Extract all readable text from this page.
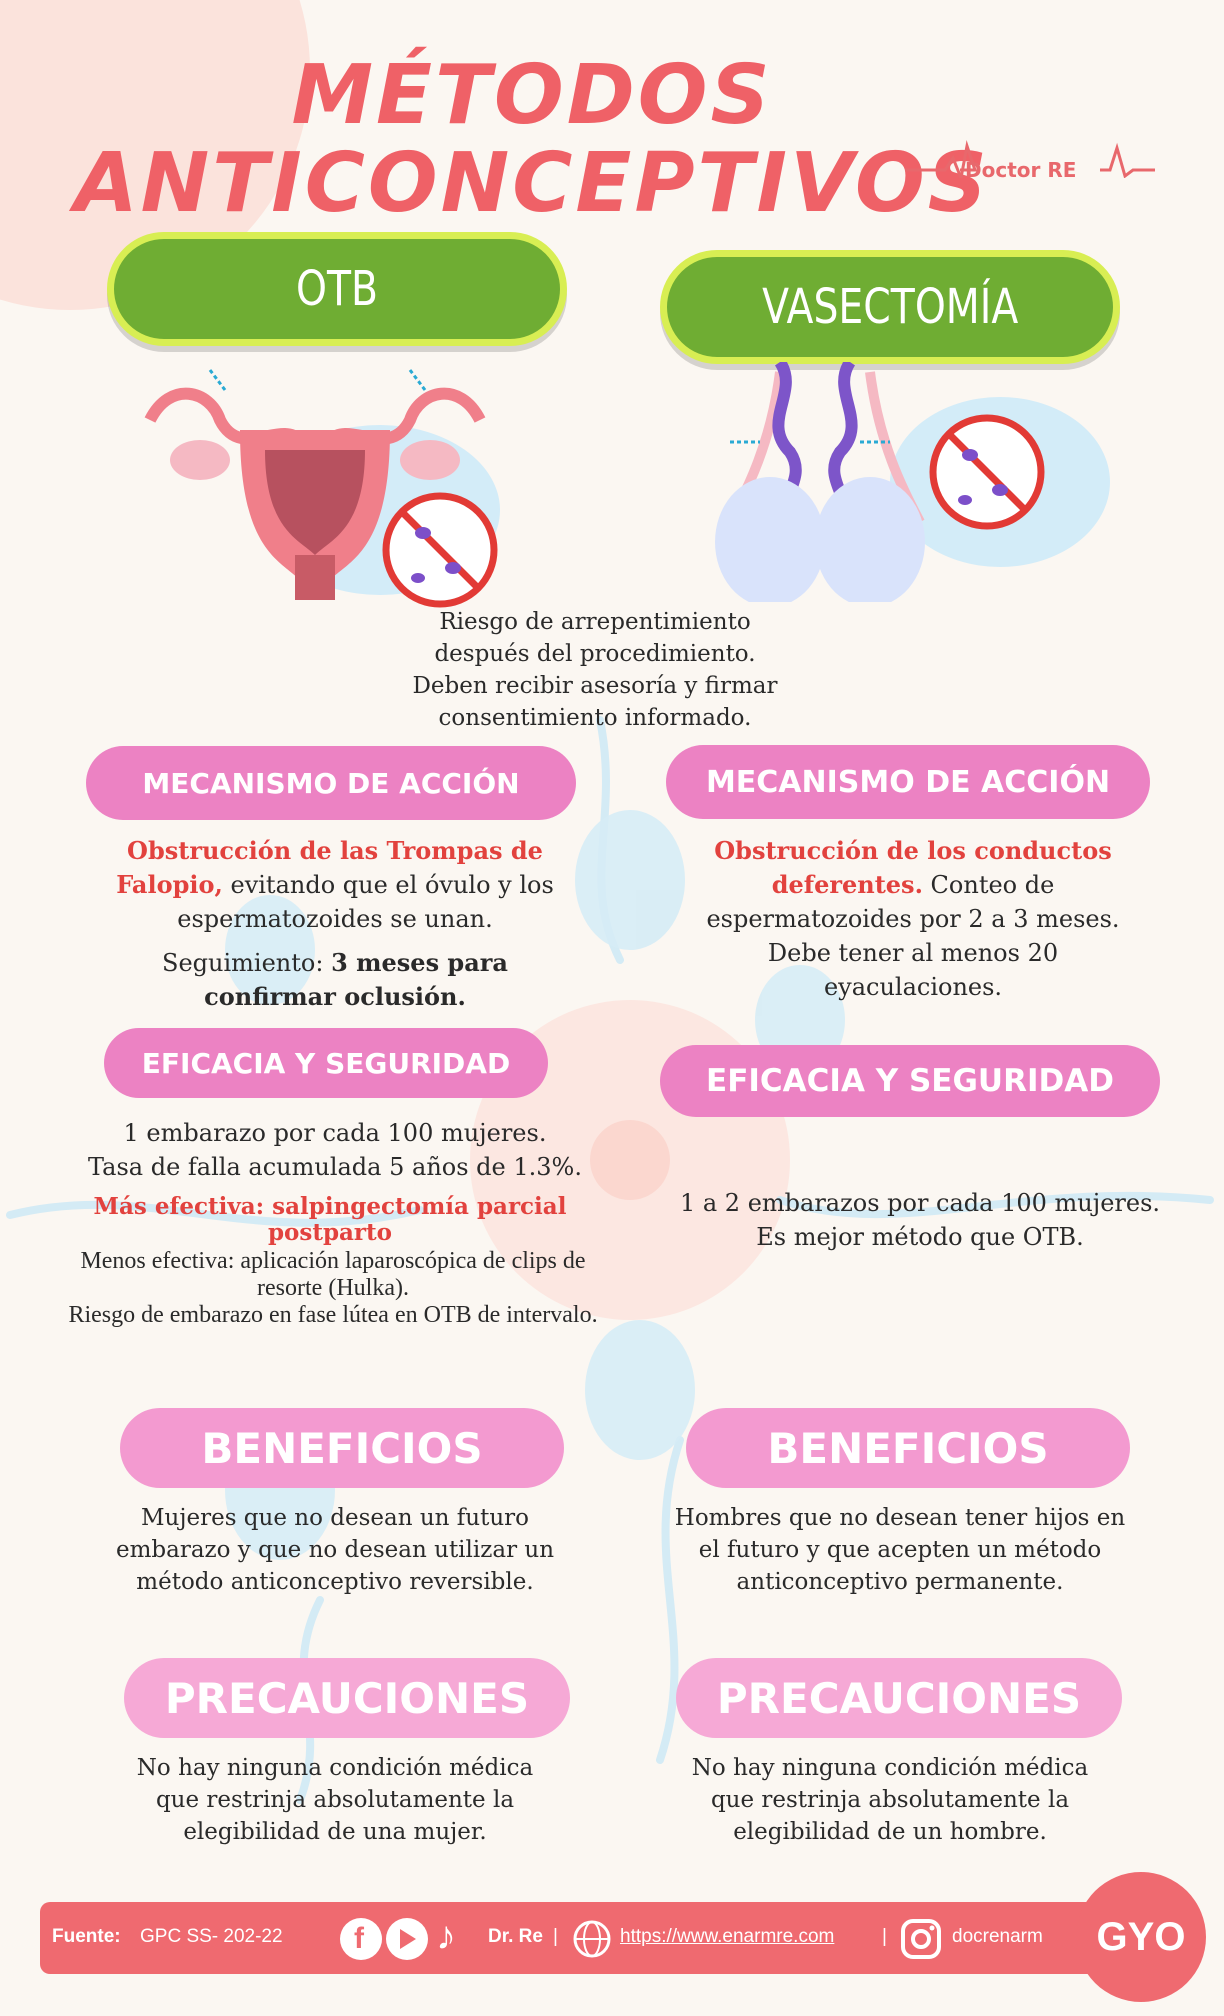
MÉTODOS
ANTICONCEPTIVOS
Doctor RE
OTB	VASECTOMÍA
Riesgo de arrepentimiento después del procedimiento. Deben recibir asesoría y firmar consentimiento informado.
MECANISMO DE ACCIÓN	MECANISMO DE ACCIÓN
Obstrucción de las Trompas de Falopio, evitando que el óvulo y los espermatozoides se unan.
Seguimiento: 3 meses para confirmar oclusión.
Obstrucción de los conductos deferentes. Conteo de espermatozoides por 2 a 3 meses. Debe tener al menos 20 eyaculaciones.
EFICACIA Y SEGURIDAD	EFICACIA Y SEGURIDAD
1 embarazo por cada 100 mujeres.
Tasa de falla acumulada 5 años de 1.3%.
Más efectiva: salpingectomía parcial postparto
Menos efectiva: aplicación laparoscópica de clips de resorte (Hulka).
Riesgo de embarazo en fase lútea en OTB de intervalo.
1 a 2 embarazos por cada 100 mujeres.
Es mejor método que OTB.
BENEFICIOS	BENEFICIOS
Mujeres que no desean un futuro embarazo y que no desean utilizar un método anticonceptivo reversible.
Hombres que no desean tener hijos en el futuro y que acepten un método anticonceptivo permanente.
PRECAUCIONES	PRECAUCIONES
No hay ninguna condición médica que restrinja absolutamente la elegibilidad de una mujer.
No hay ninguna condición médica que restrinja absolutamente la elegibilidad de un hombre.
Fuente: GPC SS- 202-22 f ♪ Dr. Re |	https://www.enarmre.com	|	docrenarm GYO
